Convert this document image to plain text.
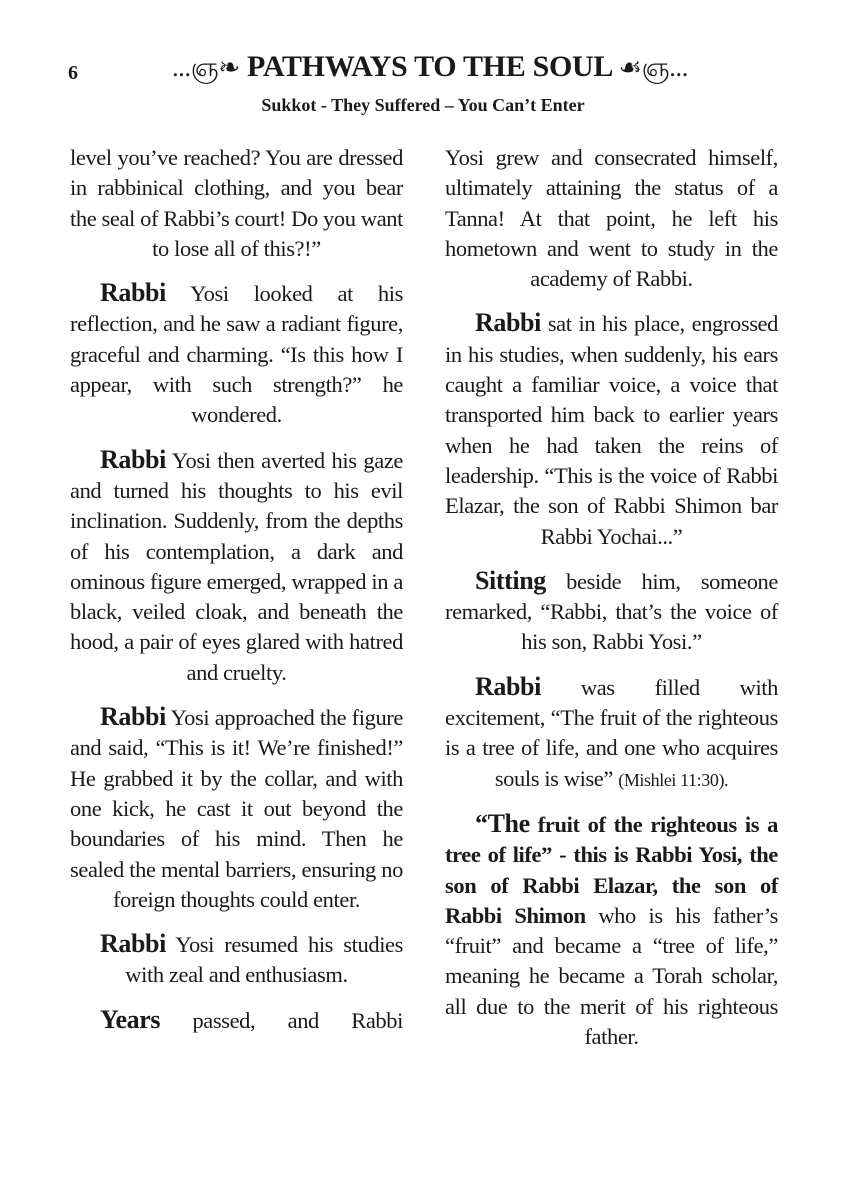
6	...ஞ❧ PATHWAYS TO THE SOUL ☙ஞ...
Sukkot - They Suffered – You Can’t Enter

level you’ve reached? You are dressed in rabbinical clothing, and you bear the seal of Rabbi’s court! Do you want to lose all of this?!”

Rabbi Yosi looked at his reflection, and he saw a radiant figure, graceful and charming. “Is this how I appear, with such strength?” he wondered.

Rabbi Yosi then averted his gaze and turned his thoughts to his evil inclination. Suddenly, from the depths of his contemplation, a dark and ominous figure emerged, wrapped in a black, veiled cloak, and beneath the hood, a pair of eyes glared with hatred and cruelty.

Rabbi Yosi approached the figure and said, “This is it! We’re finished!” He grabbed it by the collar, and with one kick, he cast it out beyond the boundaries of his mind. Then he sealed the mental barriers, ensuring no foreign thoughts could enter.

Rabbi Yosi resumed his studies with zeal and enthusiasm.

Years passed, and Rabbi

Yosi grew and consecrated himself, ultimately attaining the status of a Tanna! At that point, he left his hometown and went to study in the academy of Rabbi.

Rabbi sat in his place, engrossed in his studies, when suddenly, his ears caught a familiar voice, a voice that transported him back to earlier years when he had taken the reins of leadership. “This is the voice of Rabbi Elazar, the son of Rabbi Shimon bar Rabbi Yochai...”

Sitting beside him, someone remarked, “Rabbi, that’s the voice of his son, Rabbi Yosi.”

Rabbi was filled with excitement, “The fruit of the righteous is a tree of life, and one who acquires souls is wise” (Mishlei 11:30).

“The fruit of the righteous is a tree of life” - this is Rabbi Yosi, the son of Rabbi Elazar, the son of Rabbi Shimon who is his father’s “fruit” and became a “tree of life,” meaning he became a Torah scholar, all due to the merit of his righteous father.
